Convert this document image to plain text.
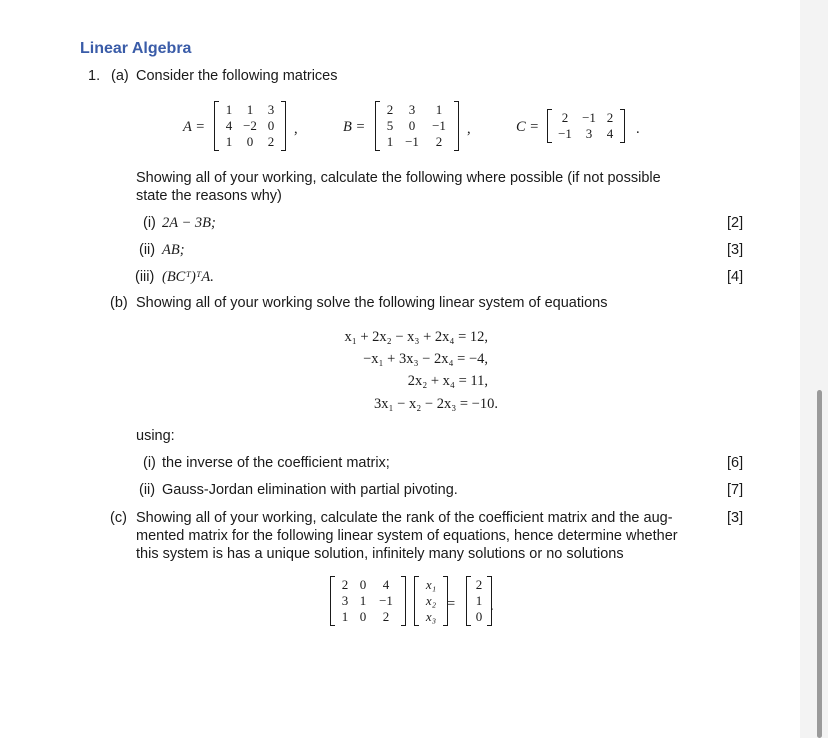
Linear Algebra
1. (a) Consider the following matrices
A =
1	1	3
4 −2 0
1	0	2
,	B =
2	3	1
5	0	−1
1 −1	2
,	C =
2	−1 2
−1	3	4	.
Showing all of your working, calculate the following where possible (if not possible
state the reasons why)
(i) 2A − 3B;	[2]
(ii) AB;	[3]
(iii) (BCᵀ)ᵀA.	[4]
(b) Showing all of your working solve the following linear system of equations
x₁ + 2x₂ − x₃ + 2x₄ = 12,
−x₁ + 3x₃ − 2x₄ = −4,
2x₂ + x₄ = 11,
3x₁ − x₂ − 2x₃ = −10.
using:
(i) the inverse of the coefficient matrix;	[6]
(ii) Gauss-Jordan elimination with partial pivoting.	[7]
(c) Showing all of your working, calculate the rank of the coefficient matrix and the aug-	[3]
mented matrix for the following linear system of equations, hence determine whether
this system is has a unique solution, infinitely many solutions or no solutions
2 0	4
3 1 −1
1 0	2
x₁
x₂
x₃
=
2
1
0
.
